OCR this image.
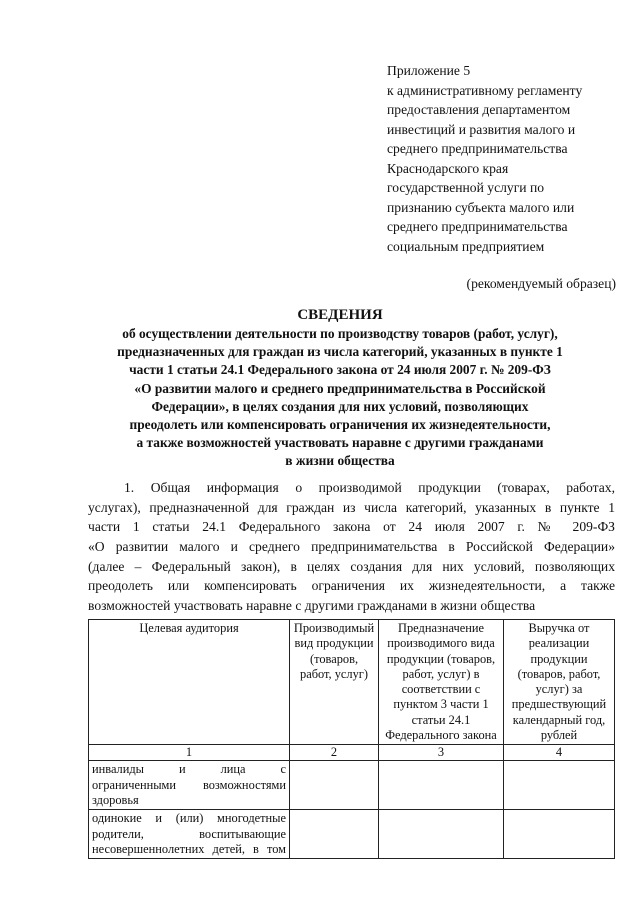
Приложение 5
к административному регламенту
предоставления департаментом
инвестиций и развития малого и
среднего предпринимательства
Краснодарского края
государственной услуги по
признанию субъекта малого или
среднего предпринимательства
социальным предприятием
(рекомендуемый образец)
СВЕДЕНИЯ
об осуществлении деятельности по производству товаров (работ, услуг),
предназначенных для граждан из числа категорий, указанных в пункте 1
части 1 статьи 24.1 Федерального закона от 24 июля 2007 г. № 209-ФЗ
«О развитии малого и среднего предпринимательства в Российской
Федерации», в целях создания для них условий, позволяющих
преодолеть или компенсировать ограничения их жизнедеятельности,
а также возможностей участвовать наравне с другими гражданами
в жизни общества
1. Общая информация о производимой продукции (товарах, работах,
услугах), предназначенной для граждан из числа категорий, указанных в пункте 1
части 1 статьи 24.1 Федерального закона от 24 июля 2007 г. № 209-ФЗ
«О развитии малого и среднего предпринимательства в Российской Федерации»
(далее – Федеральный закон), в целях создания для них условий, позволяющих
преодолеть или компенсировать ограничения их жизнедеятельности, а также
возможностей участвовать наравне с другими гражданами в жизни общества
Целевая аудитория	Производимый вид продукции (товаров, работ, услуг)	Предназначение производимого вида продукции (товаров, работ, услуг) в соответствии с пунктом 3 части 1 статьи 24.1 Федерального закона	Выручка от реализации продукции (товаров, работ, услуг) за предшествующий календарный год, рублей
1	2	3	4

инвалиды и лица с
ограниченными возможностями
здоровья			

одинокие и (или) многодетные
родители, воспитывающие
несовершеннолетних детей, в том			
